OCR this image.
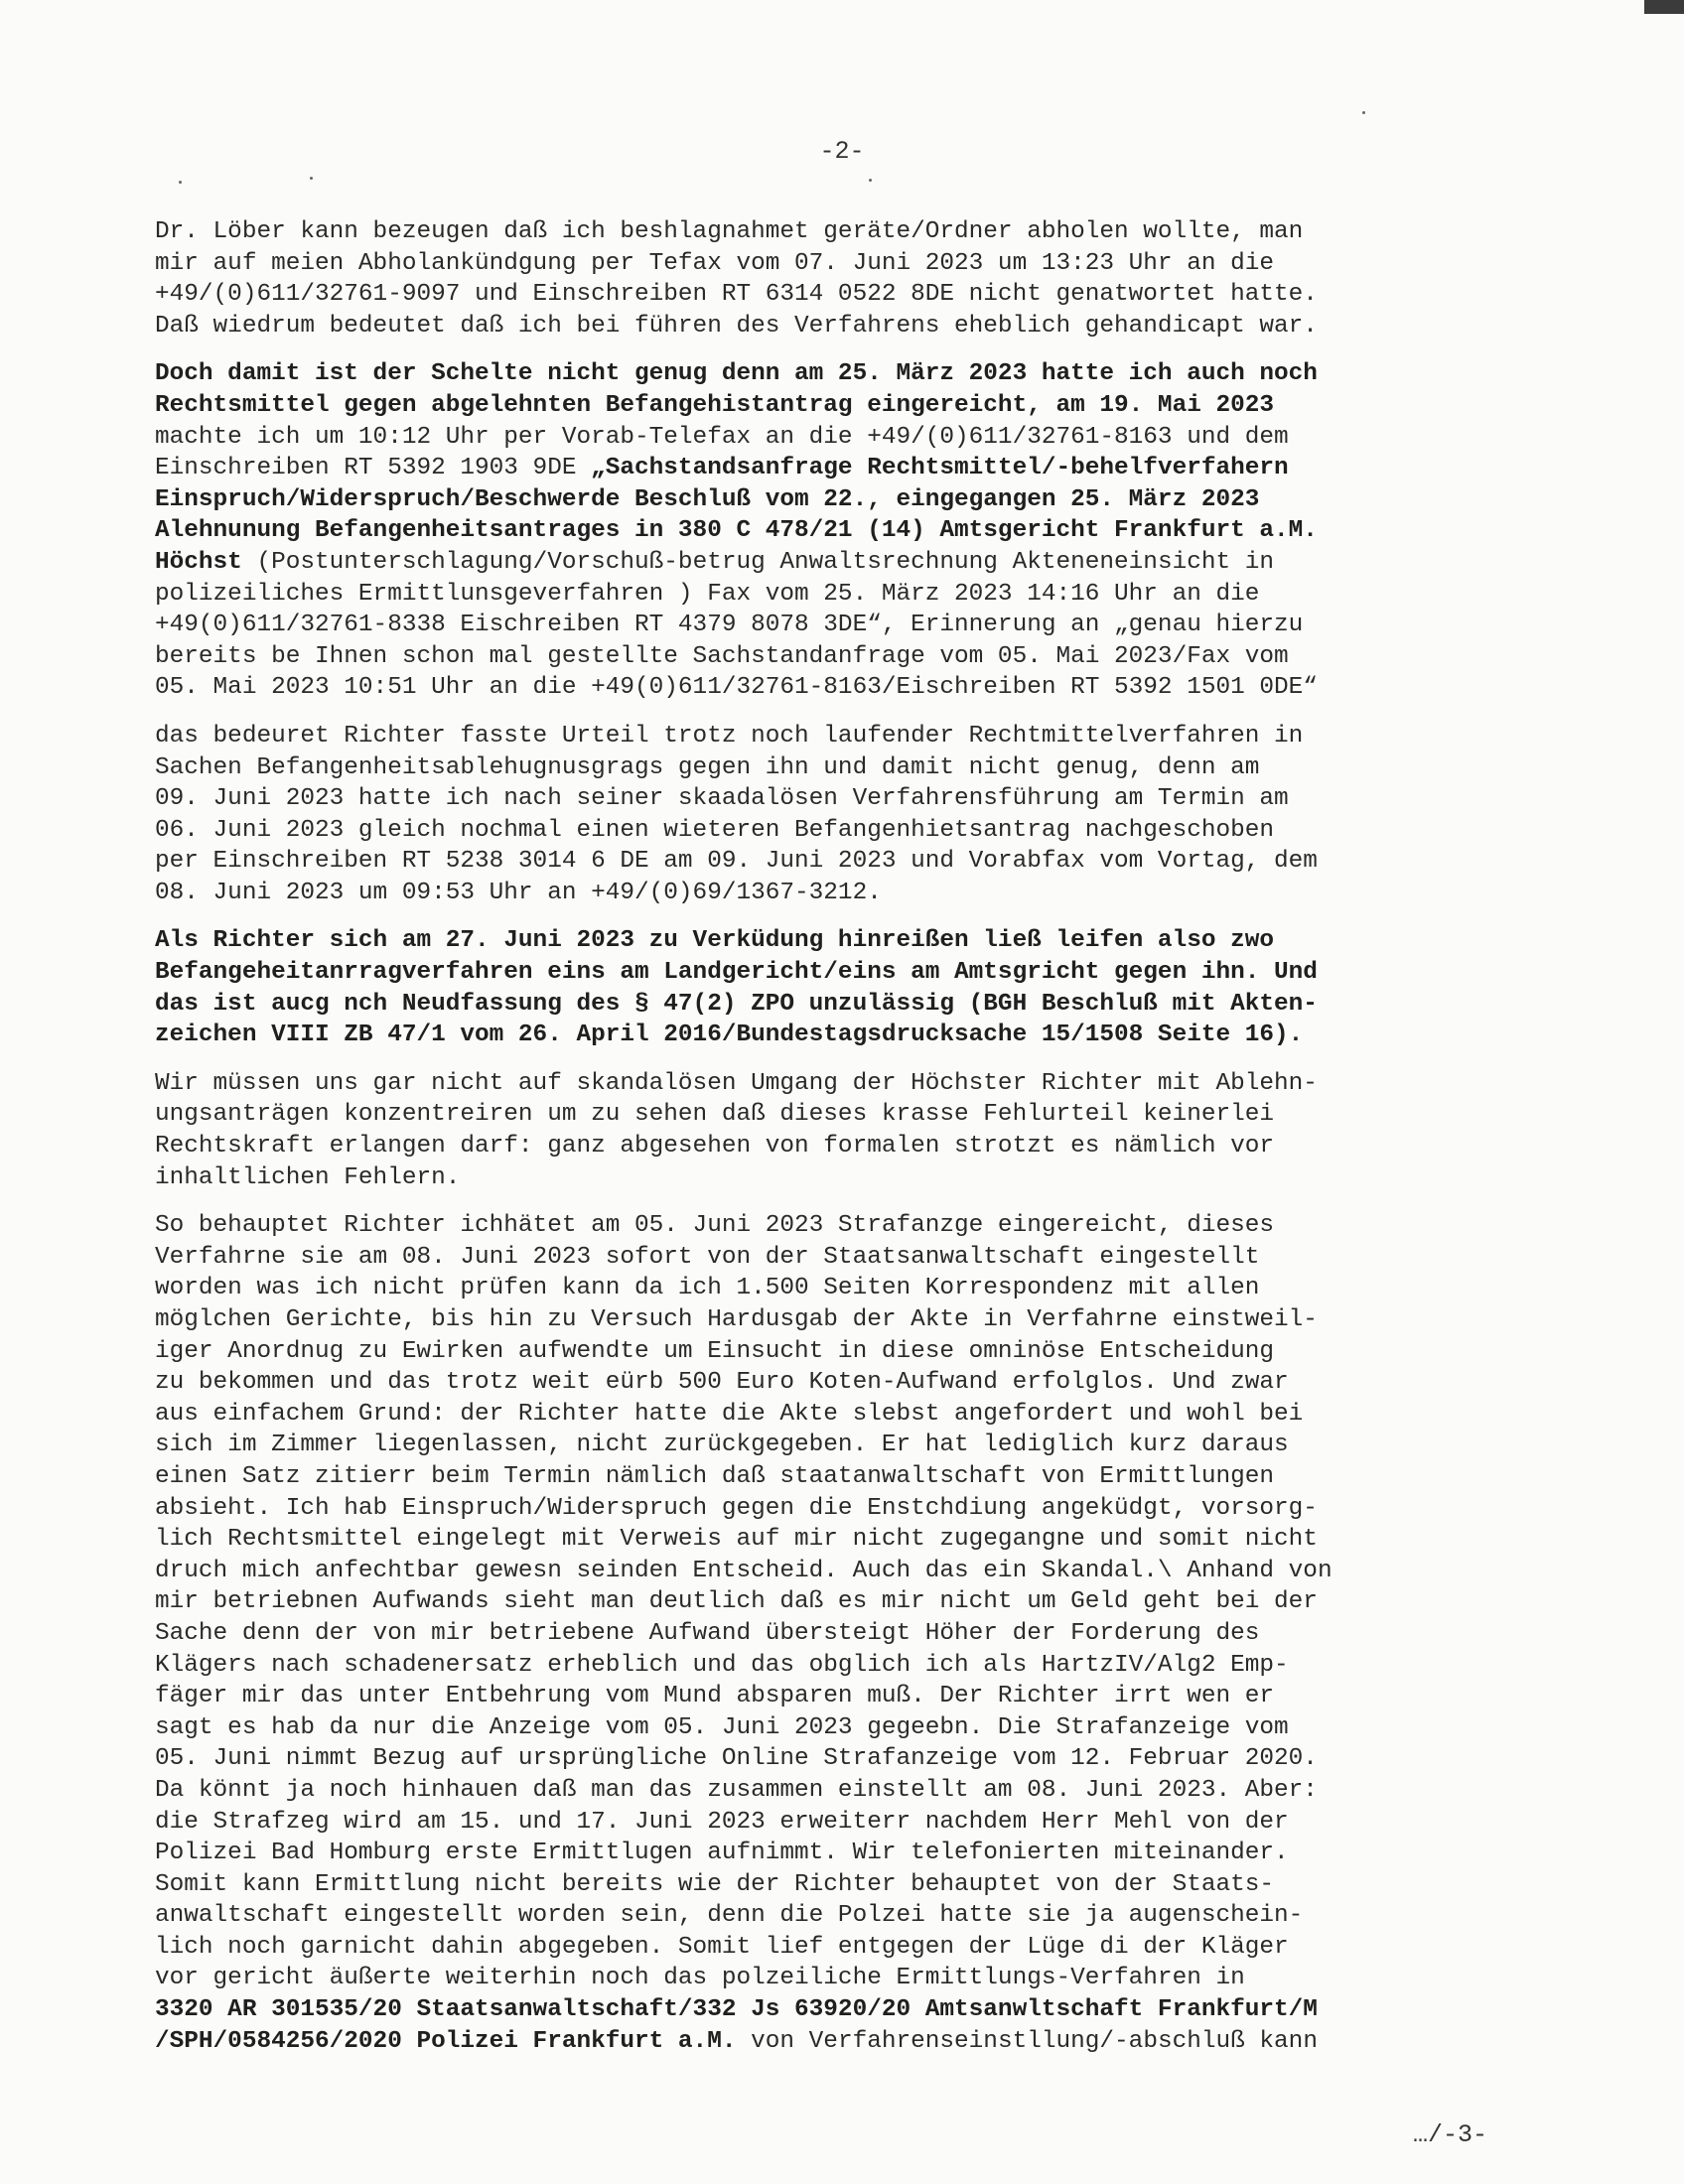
-2-

Dr. Löber kann bezeugen daß ich beshlagnahmet geräte/Ordner abholen wollte, man
mir auf meien Abholankündgung per Tefax vom 07. Juni 2023 um 13:23 Uhr an die
+49/(0)611/32761-9097 und Einschreiben RT 6314 0522 8DE nicht genatwortet hatte.
Daß wiedrum bedeutet daß ich bei führen des Verfahrens eheblich gehandicapt war.

Doch damit ist der Schelte nicht genug denn am 25. März 2023 hatte ich auch noch
Rechtsmittel gegen abgelehnten Befangehistantrag eingereicht, am 19. Mai 2023
machte ich um 10:12 Uhr per Vorab-Telefax an die +49/(0)611/32761-8163 und dem
Einschreiben RT 5392 1903 9DE „Sachstandsanfrage Rechtsmittel/-behelfverfahern
Einspruch/Widerspruch/Beschwerde Beschluß vom 22., eingegangen 25. März 2023
Alehnunung Befangenheitsantrages in 380 C 478/21 (14) Amtsgericht Frankfurt a.M.
Höchst (Postunterschlagung/Vorschuß-betrug Anwaltsrechnung Akteneneinsicht in
polizeiliches Ermittlunsgeverfahren ) Fax vom 25. März 2023 14:16 Uhr an die
+49(0)611/32761-8338 Eischreiben RT 4379 8078 3DE“, Erinnerung an „genau hierzu
bereits be Ihnen schon mal gestellte Sachstandanfrage vom 05. Mai 2023/Fax vom
05. Mai 2023 10:51 Uhr an die +49(0)611/32761-8163/Eischreiben RT 5392 1501 0DE“

das bedeuret Richter fasste Urteil trotz noch laufender Rechtmittelverfahren in
Sachen Befangenheitsablehugnusgrags gegen ihn und damit nicht genug, denn am
09. Juni 2023 hatte ich nach seiner skaadalösen Verfahrensführung am Termin am
06. Juni 2023 gleich nochmal einen wieteren Befangenhietsantrag nachgeschoben
per Einschreiben RT 5238 3014 6 DE am 09. Juni 2023 und Vorabfax vom Vortag, dem
08. Juni 2023 um 09:53 Uhr an +49/(0)69/1367-3212.

Als Richter sich am 27. Juni 2023 zu Verküdung hinreißen ließ leifen also zwo
Befangeheitanrragverfahren eins am Landgericht/eins am Amtsgricht gegen ihn. Und
das ist aucg nch Neudfassung des § 47(2) ZPO unzulässig (BGH Beschluß mit Akten-
zeichen VIII ZB 47/1 vom 26. April 2016/Bundestagsdrucksache 15/1508 Seite 16).

Wir müssen uns gar nicht auf skandalösen Umgang der Höchster Richter mit Ablehn-
ungsanträgen konzentreiren um zu sehen daß dieses krasse Fehlurteil keinerlei
Rechtskraft erlangen darf: ganz abgesehen von formalen strotzt es nämlich vor
inhaltlichen Fehlern.

So behauptet Richter ichhätet am 05. Juni 2023 Strafanzge eingereicht, dieses
Verfahrne sie am 08. Juni 2023 sofort von der Staatsanwaltschaft eingestellt
worden was ich nicht prüfen kann da ich 1.500 Seiten Korrespondenz mit allen
möglchen Gerichte, bis hin zu Versuch Hardusgab der Akte in Verfahrne einstweil-
iger Anordnug zu Ewirken aufwendte um Einsucht in diese omninöse Entscheidung
zu bekommen und das trotz weit eürb 500 Euro Koten-Aufwand erfolglos. Und zwar
aus einfachem Grund: der Richter hatte die Akte slebst angefordert und wohl bei
sich im Zimmer liegenlassen, nicht zurückgegeben. Er hat lediglich kurz daraus
einen Satz zitierr beim Termin nämlich daß staatanwaltschaft von Ermittlungen
absieht. Ich hab Einspruch/Widerspruch gegen die Enstchdiung angeküdgt, vorsorg-
lich Rechtsmittel eingelegt mit Verweis auf mir nicht zugegangne und somit nicht
druch mich anfechtbar gewesn seinden Entscheid. Auch das ein Skandal.\ Anhand von
mir betriebnen Aufwands sieht man deutlich daß es mir nicht um Geld geht bei der
Sache denn der von mir betriebene Aufwand übersteigt Höher der Forderung des
Klägers nach schadenersatz erheblich und das obglich ich als HartzIV/Alg2 Emp-
fäger mir das unter Entbehrung vom Mund absparen muß. Der Richter irrt wen er
sagt es hab da nur die Anzeige vom 05. Juni 2023 gegeebn. Die Strafanzeige vom
05. Juni nimmt Bezug auf ursprüngliche Online Strafanzeige vom 12. Februar 2020.
Da könnt ja noch hinhauen daß man das zusammen einstellt am 08. Juni 2023. Aber:
die Strafzeg wird am 15. und 17. Juni 2023 erweiterr nachdem Herr Mehl von der
Polizei Bad Homburg erste Ermittlugen aufnimmt. Wir telefonierten miteinander.
Somit kann Ermittlung nicht bereits wie der Richter behauptet von der Staats-
anwaltschaft eingestellt worden sein, denn die Polzei hatte sie ja augenschein-
lich noch garnicht dahin abgegeben. Somit lief entgegen der Lüge di der Kläger
vor gericht äußerte weiterhin noch das polzeiliche Ermittlungs-Verfahren in
3320 AR 301535/20 Staatsanwaltschaft/332 Js 63920/20 Amtsanwltschaft Frankfurt/M
/SPH/0584256/2020 Polizei Frankfurt a.M. von Verfahrenseinstllung/-abschluß kann

…/-3-
